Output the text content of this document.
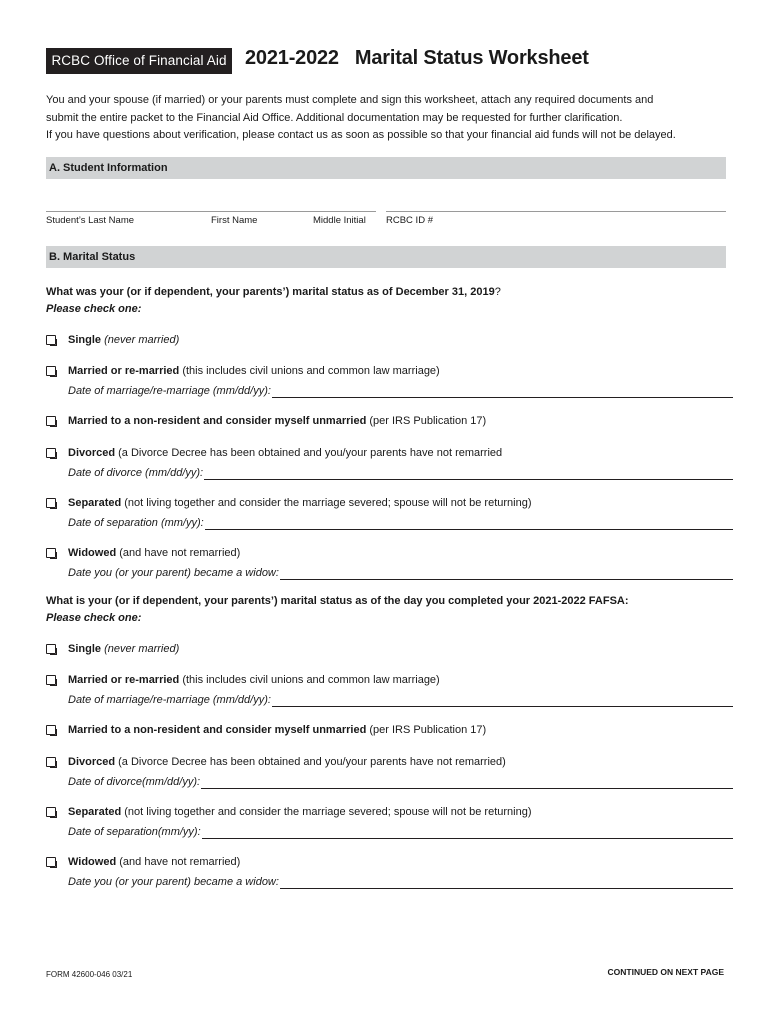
RCBC Office of Financial Aid 2021-2022   Marital Status Worksheet

You and your spouse (if married) or your parents must complete and sign this worksheet, attach any required documents and

submit the entire packet to the Financial Aid Office. Additional documentation may be requested for further clarification.

If you have questions about verification, please contact us as soon as possible so that your financial aid funds will not be delayed.

A. Student Information
Student’s Last Name	First Name	Middle Initial RCBC ID #
B. Marital Status
What was your (or if dependent, your parents’) marital status as of December 31, 2019?
Please check one:
Single (never married)
Married or re-married (this includes civil unions and common law marriage)
Date of marriage/re-marriage (mm/dd/yy):
Married to a non-resident and consider myself unmarried (per IRS Publication 17)
Divorced (a Divorce Decree has been obtained and you/your parents have not remarried
Date of divorce (mm/dd/yy):
Separated (not living together and consider the marriage severed; spouse will not be returning)
Date of separation (mm/yy):
Widowed (and have not remarried)
Date you (or your parent) became a widow:
What is your (or if dependent, your parents’) marital status as of the day you completed your 2021-2022 FAFSA:
Please check one:
Single (never married)
Married or re-married (this includes civil unions and common law marriage)
Date of marriage/re-marriage (mm/dd/yy):
Married to a non-resident and consider myself unmarried (per IRS Publication 17)
Divorced (a Divorce Decree has been obtained and you/your parents have not remarried)
Date of divorce(mm/dd/yy):
Separated (not living together and consider the marriage severed; spouse will not be returning)
Date of separation(mm/yy):
Widowed (and have not remarried)
Date you (or your parent) became a widow:
FORM 42600-046 03/21	CONTINUED ON NEXT PAGE
